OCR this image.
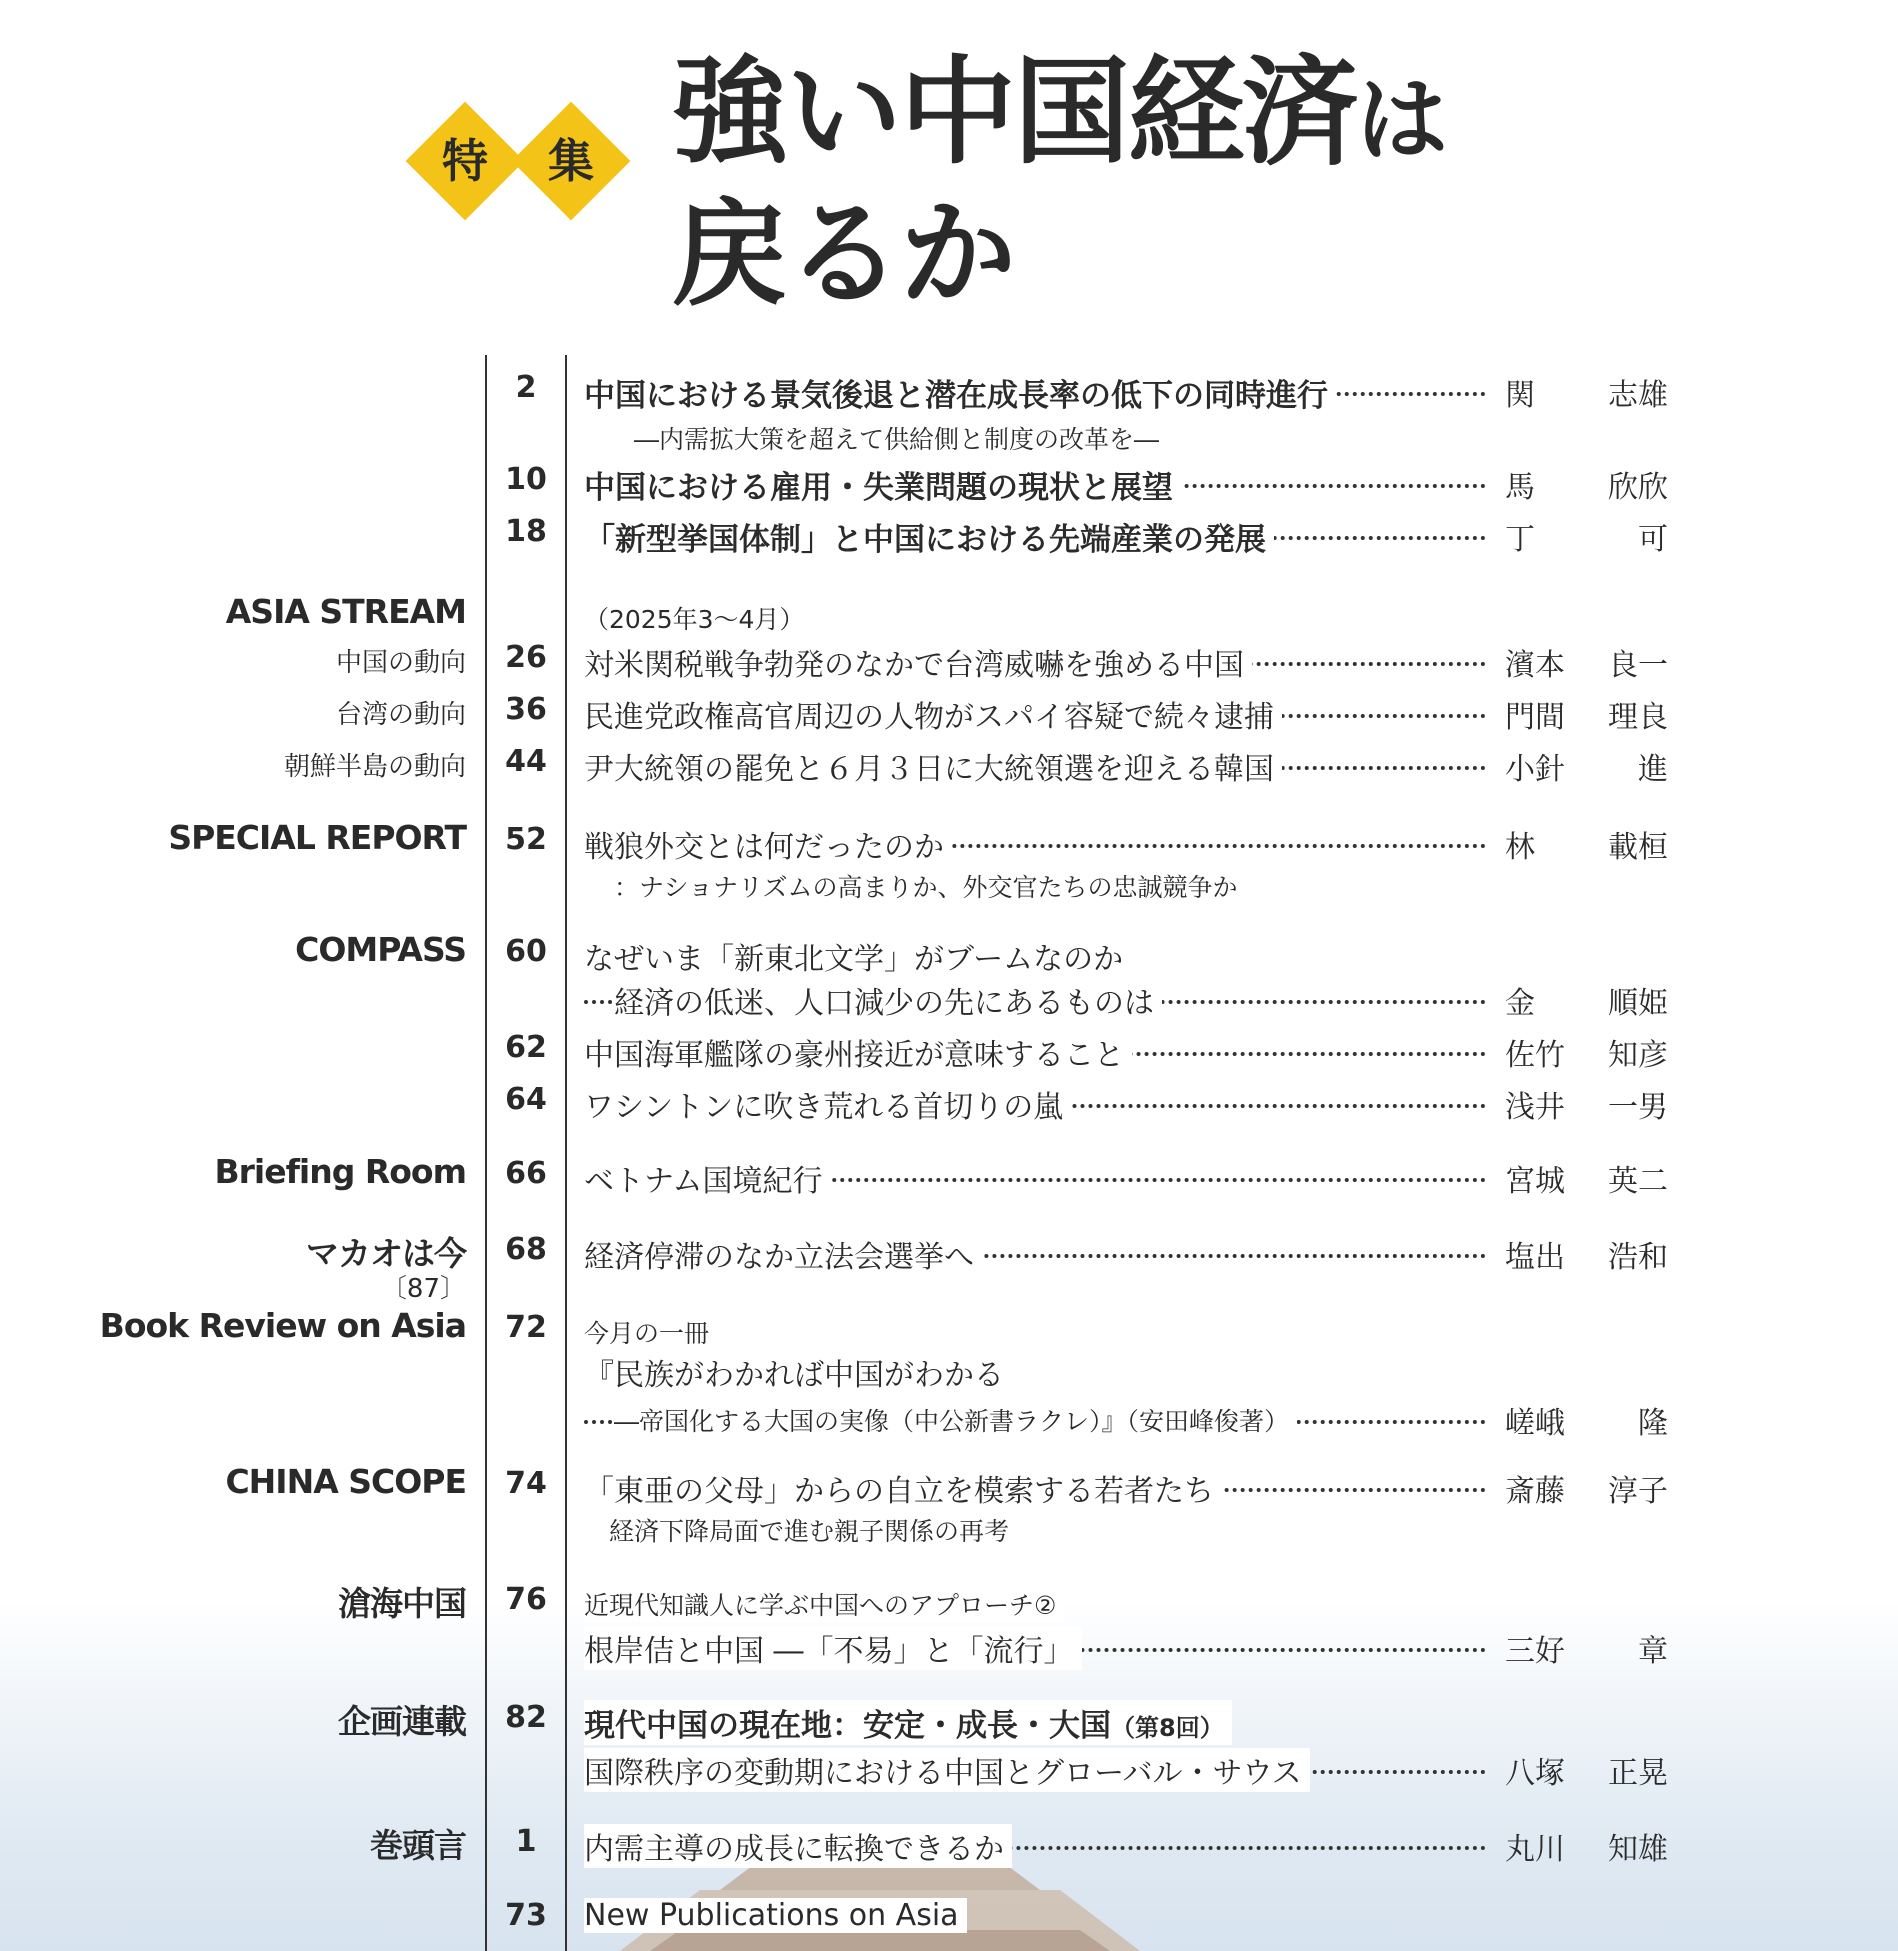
特	集 強い中国経済は
戻るか
2	中国における景気後退と潜在成長率の低下の同時進行	関 志雄
―内需拡大策を超えて供給側と制度の改革を―
10	中国における雇用・失業問題の現状と展望	馬 欣欣
18	「新型挙国体制」と中国における先端産業の発展	丁	可
ASIA STREAM	（2025年3～4月）
中国の動向	26	対米関税戦争勃発のなかで台湾威嚇を強める中国	濱本 良一
台湾の動向	36	民進党政権高官周辺の人物がスパイ容疑で続々逮捕	門間 理良
朝鮮半島の動向	44	尹大統領の罷免と６月３日に大統領選を迎える韓国	小針 進
SPECIAL REPORT	52	戦狼外交とは何だったのか	林 載桓
：ナショナリズムの高まりか、外交官たちの忠誠競争か
COMPASS	60	なぜいま「新東北文学」がブームなのか
経済の低迷、人口減少の先にあるものは	金 順姫
62	中国海軍艦隊の豪州接近が意味すること	佐竹 知彦
64	ワシントンに吹き荒れる首切りの嵐	浅井 一男
Briefing Room	66	ベトナム国境紀行	宮城 英二
マカオは今	68	経済停滞のなか立法会選挙へ	塩出 浩和
〔87〕
Book Review on Asia	72	今月の一冊
『民族がわかれば中国がわかる
―帝国化する大国の実像（中公新書ラクレ）』（安田峰俊著）	嵯峨 隆
CHINA SCOPE	74	「東亜の父母」からの自立を模索する若者たち	斎藤 淳子
経済下降局面で進む親子関係の再考
滄海中国	76	近現代知識人に学ぶ中国へのアプローチ②
根岸佶と中国 ―「不易」と「流行」	三好 章
企画連載	82	現代中国の現在地：安定・成長・大国（第8回）
国際秩序の変動期における中国とグローバル・サウス	八塚 正晃
巻頭言	1	内需主導の成長に転換できるか	丸川 知雄
73	New Publications on Asia
